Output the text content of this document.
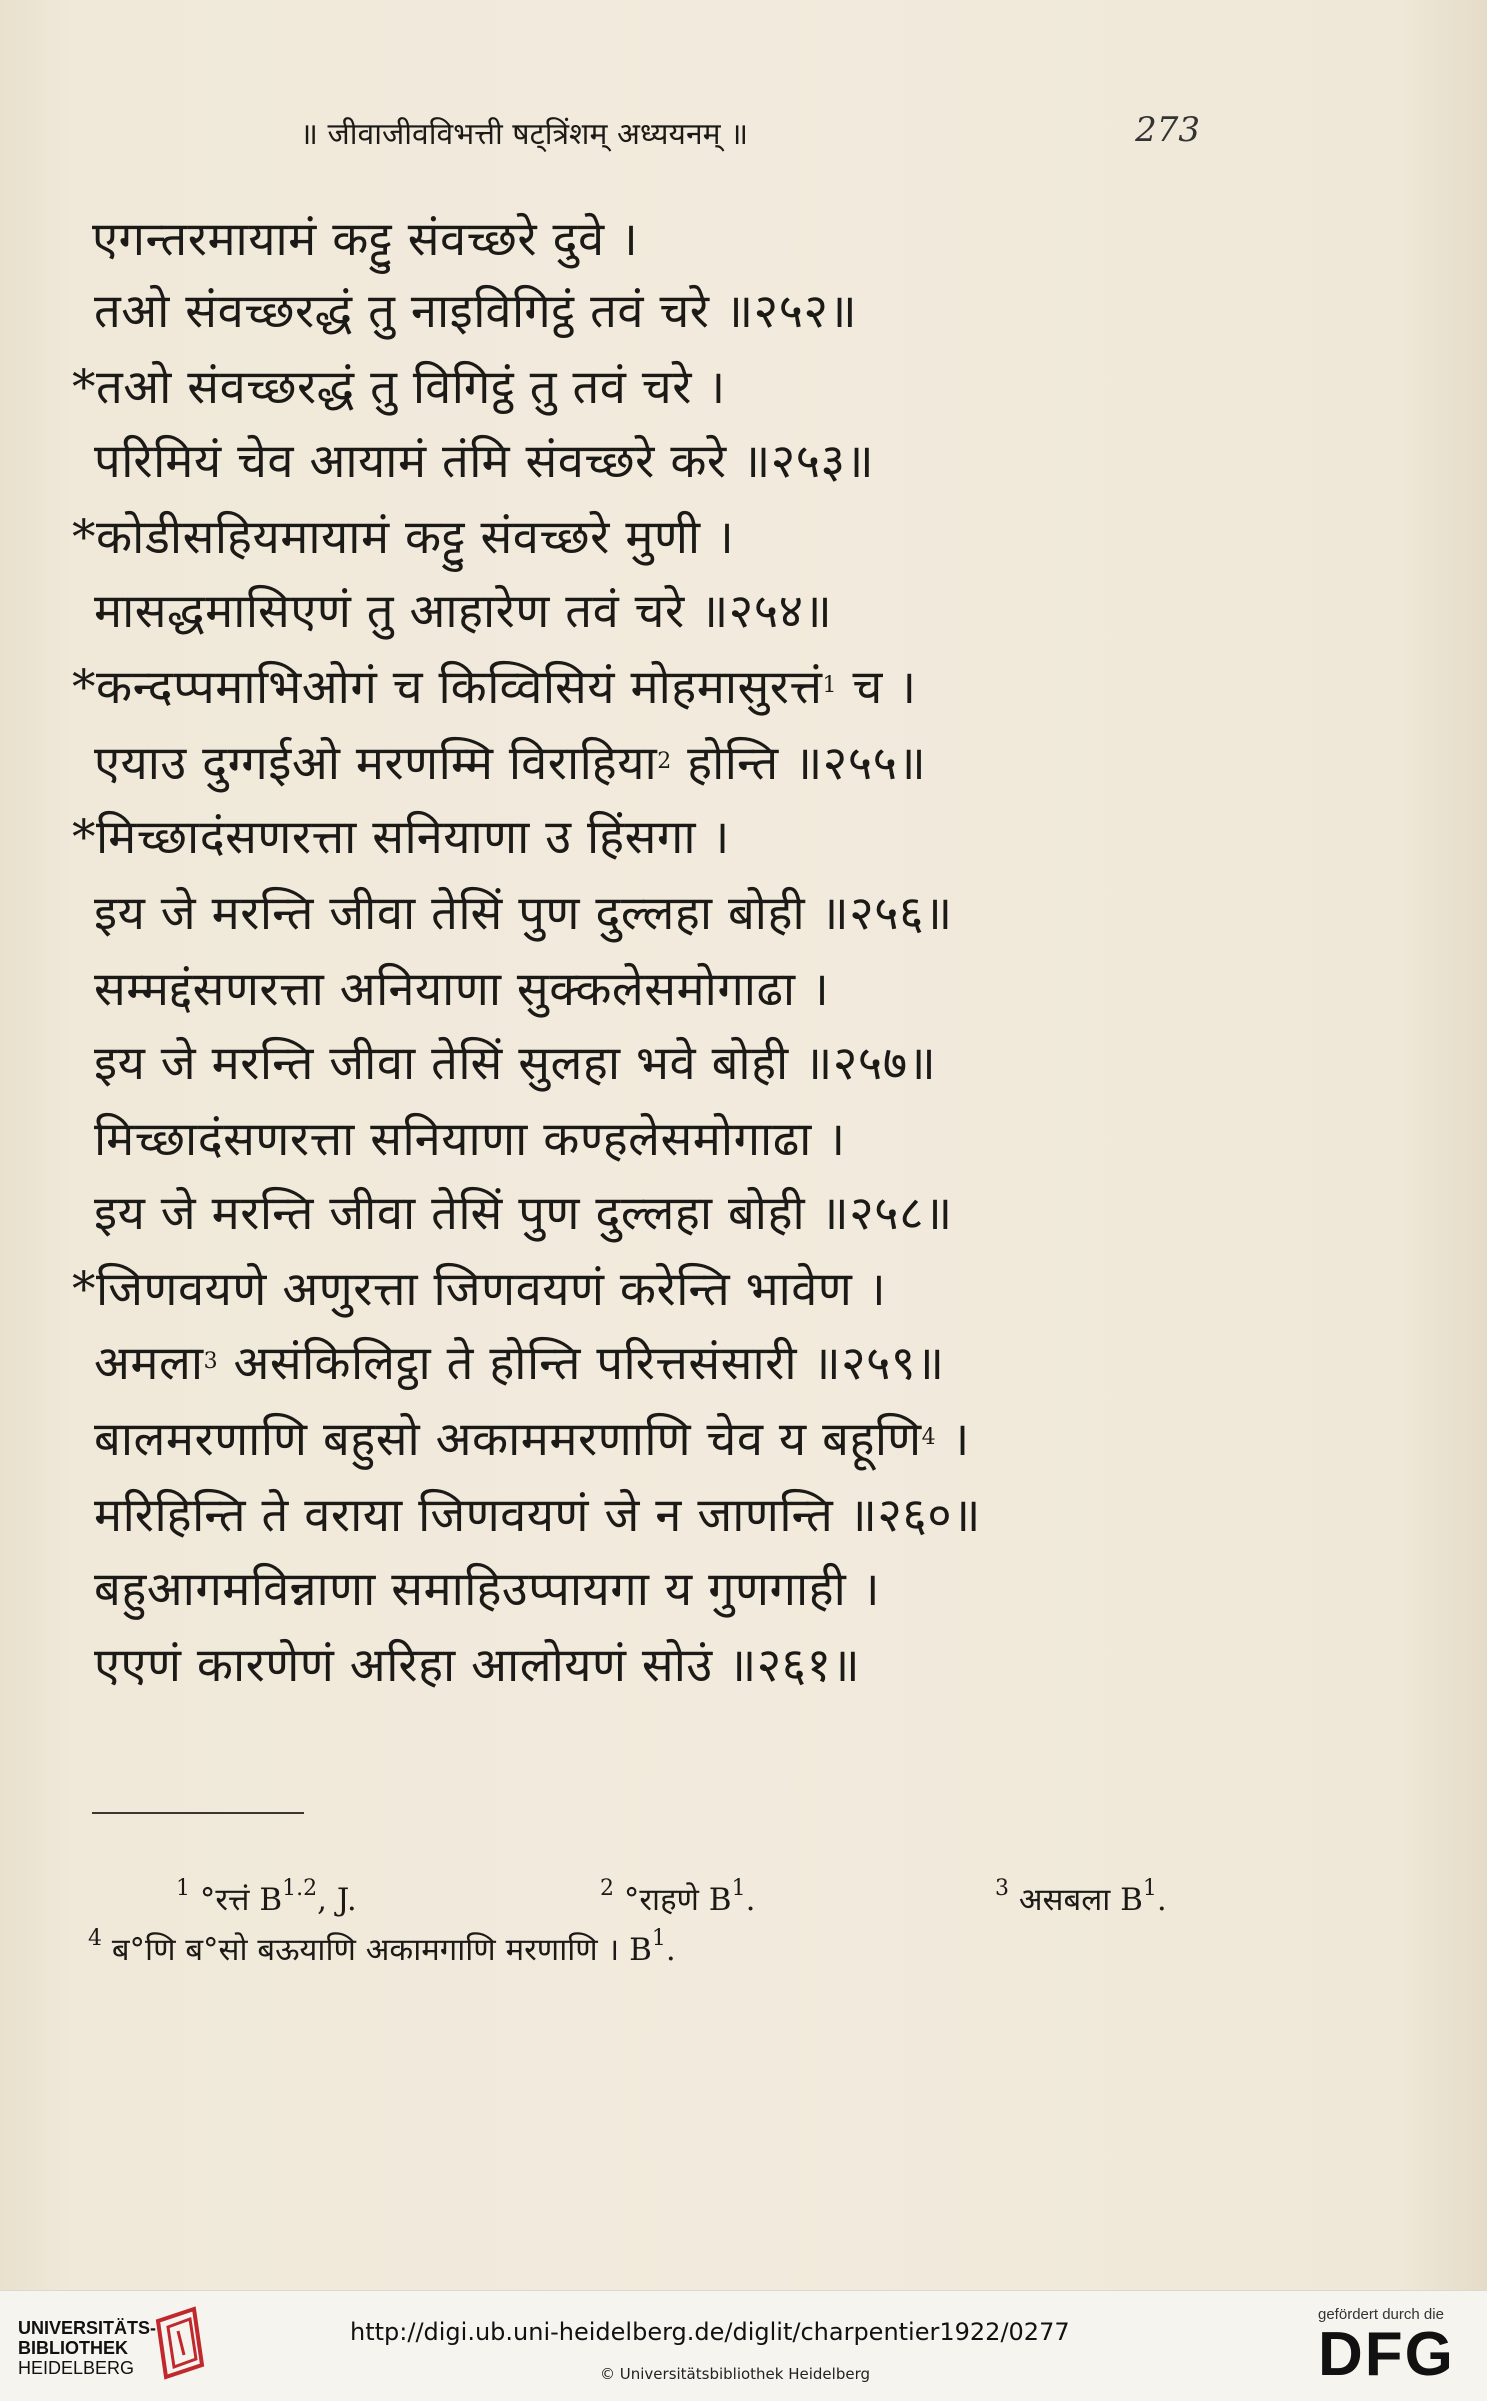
॥ जीवाजीवविभत्ती षट्‌त्रिंशम् अध्ययनम् ॥	273
एगन्तरमायामं कट्टु संवच्छरे दुवे ।
तओ संवच्छरद्धं तु नाइविगिट्ठं तवं चरे ॥२५२॥
*तओ संवच्छरद्धं तु विगिट्ठं तु तवं चरे ।
परिमियं चेव आयामं तंमि संवच्छरे करे ॥२५३॥
*कोडीसहियमायामं कट्टु संवच्छरे मुणी ।
मासद्धमासिएणं तु आहारेण तवं चरे ॥२५४॥
*कन्दप्पमाभिओगं च किव्विसियं मोहमासुरत्तं$^1$ च ।
एयाउ दुग्गईओ मरणम्मि विराहिया$^2$ होन्ति ॥२५५॥
*मिच्छादंसणरत्ता सनियाणा उ हिंसगा ।
इय जे मरन्ति जीवा तेसिं पुण दुल्लहा बोही ॥२५६॥
सम्मद्दंसणरत्ता अनियाणा सुक्कलेसमोगाढा ।
इय जे मरन्ति जीवा तेसिं सुलहा भवे बोही ॥२५७॥
मिच्छादंसणरत्ता सनियाणा कण्हलेसमोगाढा ।
इय जे मरन्ति जीवा तेसिं पुण दुल्लहा बोही ॥२५८॥
*जिणवयणे अणुरत्ता जिणवयणं करेन्ति भावेण ।
अमला$^3$ असंकिलिट्ठा ते होन्ति परित्तसंसारी ॥२५९॥
बालमरणाणि बहुसो अकाममरणाणि चेव य बहूणि$^4$ ।
मरिहिन्ति ते वराया जिणवयणं जे न जाणन्ति ॥२६०॥
बहुआगमविन्नाणा समाहिउप्पायगा य गुणगाही ।
एएणं कारणेणं अरिहा आलोयणं सोउं ॥२६१॥
$^1$ °रत्तं $B^{1.2}$, J.	$^2$ °राहणे $B^1$.	$^3$ असबला $B^1$.
$^4$ ब°णि ब°सो बऊयाणि अकामगाणि मरणाणि । $B^1$.
UNIVERSITÄTS-
BIBLIOTHEK
HEIDELBERG
http://digi.ub.uni-heidelberg.de/diglit/charpentier1922/0277
© Universitätsbibliothek Heidelberg
gefördert durch die
DFG
